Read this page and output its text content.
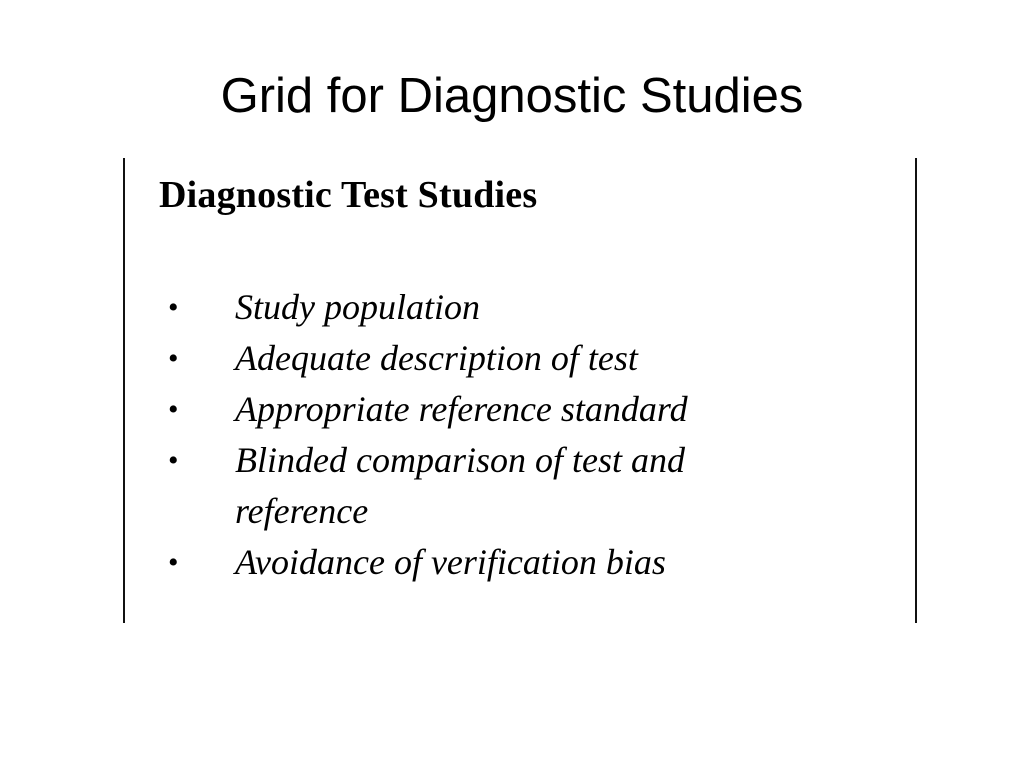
Grid for Diagnostic Studies
Diagnostic Test Studies
• Study population
• Adequate description of test
• Appropriate reference standard
• Blinded comparison of test and reference
• Avoidance of verification bias
